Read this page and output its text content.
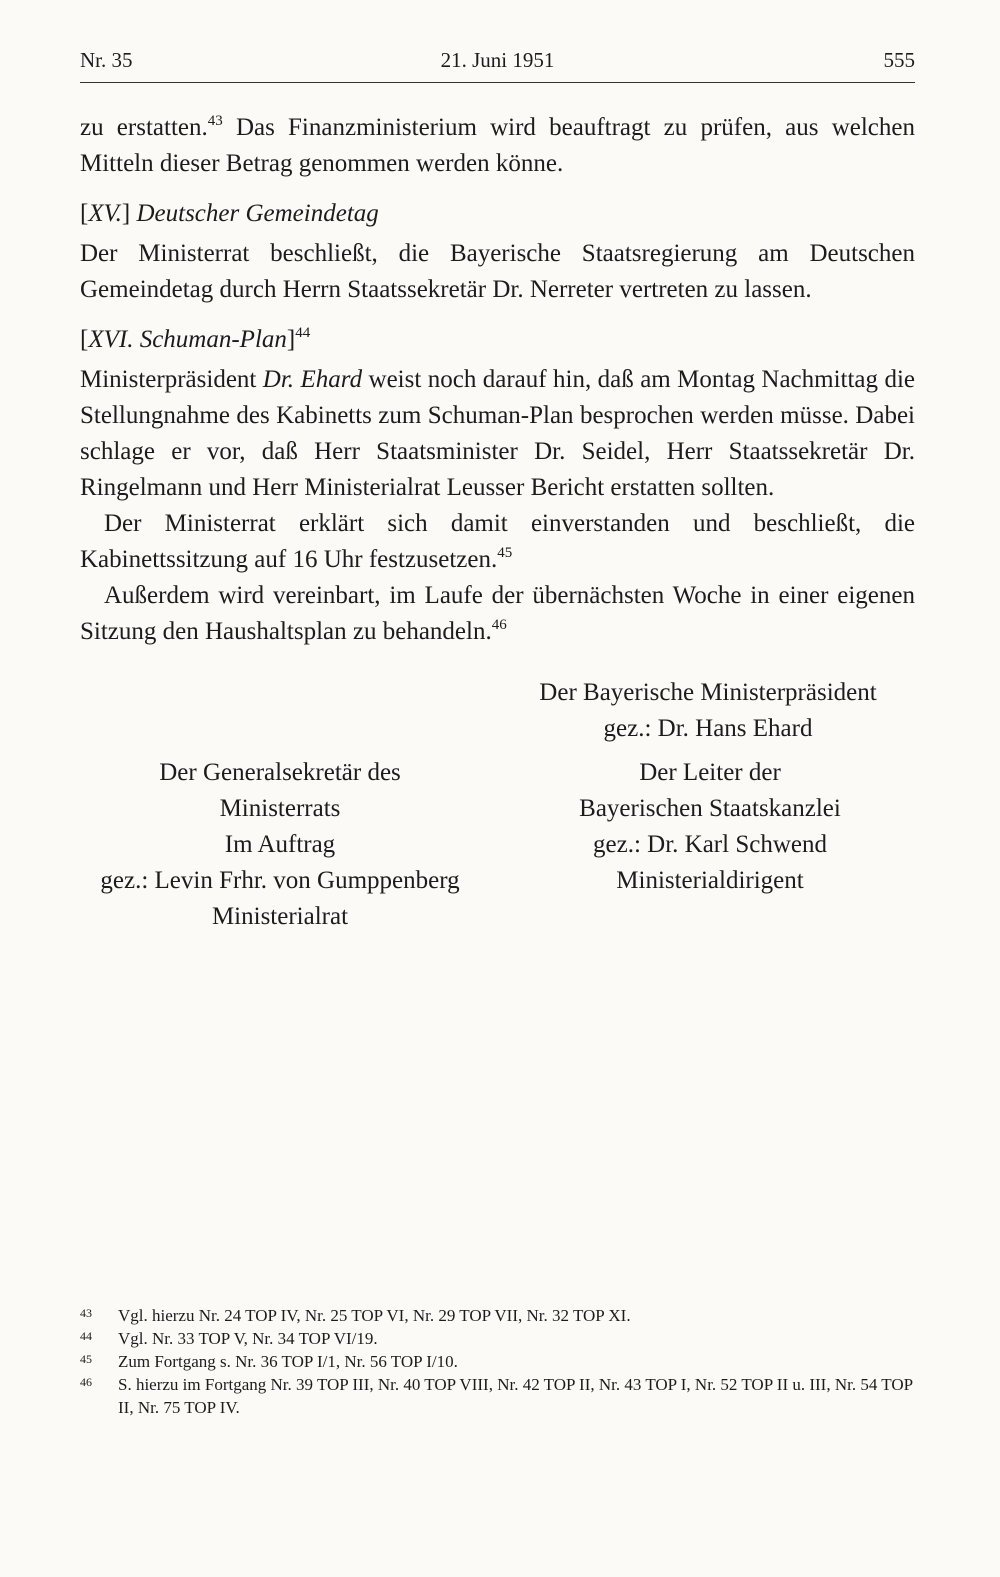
21. Juni 1951
Nr. 35	555

zu erstatten.$^{43}$ Das Finanzministerium wird beauftragt zu prüfen, aus welchen Mitteln dieser Betrag genommen werden könne.

[XV.] Deutscher Gemeindetag

Der Ministerrat beschließt, die Bayerische Staatsregierung am Deutschen Gemeindetag durch Herrn Staatssekretär Dr. Nerreter vertreten zu lassen.

[XVI. Schuman-Plan]$^{44}$

Ministerpräsident Dr. Ehard weist noch darauf hin, daß am Montag Nachmittag die Stellungnahme des Kabinetts zum Schuman-Plan besprochen werden müsse. Dabei schlage er vor, daß Herr Staatsminister Dr. Seidel, Herr Staatssekretär Dr. Ringelmann und Herr Ministerialrat Leusser Bericht erstatten sollten.

Der Ministerrat erklärt sich damit einverstanden und beschließt, die Kabinettssitzung auf 16 Uhr festzusetzen.$^{45}$

Außerdem wird vereinbart, im Laufe der übernächsten Woche in einer eigenen Sitzung den Haushaltsplan zu behandeln.$^{46}$

Der Bayerische Ministerpräsident
gez.: Dr. Hans Ehard
Der Generalsekretär des
Ministerrats
Im Auftrag
gez.: Levin Frhr. von Gumppenberg
Ministerialrat
Der Leiter der
Bayerischen Staatskanzlei
gez.: Dr. Karl Schwend
Ministerialdirigent
43 Vgl. hierzu Nr. 24 TOP IV, Nr. 25 TOP VI, Nr. 29 TOP VII, Nr. 32 TOP XI.
44 Vgl. Nr. 33 TOP V, Nr. 34 TOP VI/19.
45 Zum Fortgang s. Nr. 36 TOP I/1, Nr. 56 TOP I/10.
46 S. hierzu im Fortgang Nr. 39 TOP III, Nr. 40 TOP VIII, Nr. 42 TOP II, Nr. 43 TOP I, Nr. 52 TOP II u. III, Nr. 54 TOP II, Nr. 75 TOP IV.
